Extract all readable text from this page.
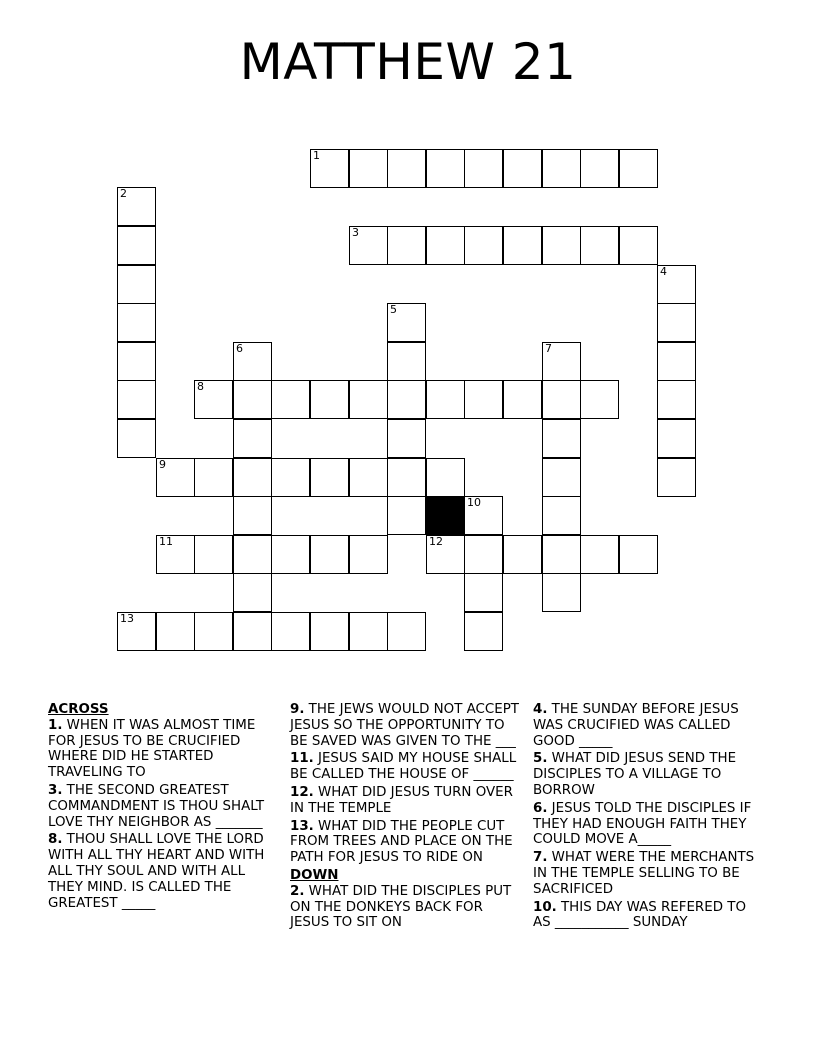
MATTHEW 21
1
2
3
4
5
6	7
8
9
10
11	12
13
ACROSS
1. WHEN IT WAS ALMOST TIME FOR JESUS TO BE CRUCIFIED WHERE DID HE STARTED TRAVELING TO
3. THE SECOND GREATEST COMMANDMENT IS THOU SHALT LOVE THY NEIGHBOR AS _______
8. THOU SHALL LOVE THE LORD WITH ALL THY HEART AND WITH ALL THY SOUL AND WITH ALL THEY MIND. IS CALLED THE GREATEST _____
9. THE JEWS WOULD NOT ACCEPT JESUS SO THE OPPORTUNITY TO BE SAVED WAS GIVEN TO THE ___
11. JESUS SAID MY HOUSE SHALL BE CALLED THE HOUSE OF ______
12. WHAT DID JESUS TURN OVER IN THE TEMPLE
13. WHAT DID THE PEOPLE CUT FROM TREES AND PLACE ON THE PATH FOR JESUS TO RIDE ON
DOWN
2. WHAT DID THE DISCIPLES PUT ON THE DONKEYS BACK FOR JESUS TO SIT ON
4. THE SUNDAY BEFORE JESUS WAS CRUCIFIED WAS CALLED GOOD _____
5. WHAT DID JESUS SEND THE DISCIPLES TO A VILLAGE TO BORROW
6. JESUS TOLD THE DISCIPLES IF THEY HAD ENOUGH FAITH THEY COULD MOVE A_____
7. WHAT WERE THE MERCHANTS IN THE TEMPLE SELLING TO BE SACRIFICED
10. THIS DAY WAS REFERED TO AS ___________ SUNDAY
